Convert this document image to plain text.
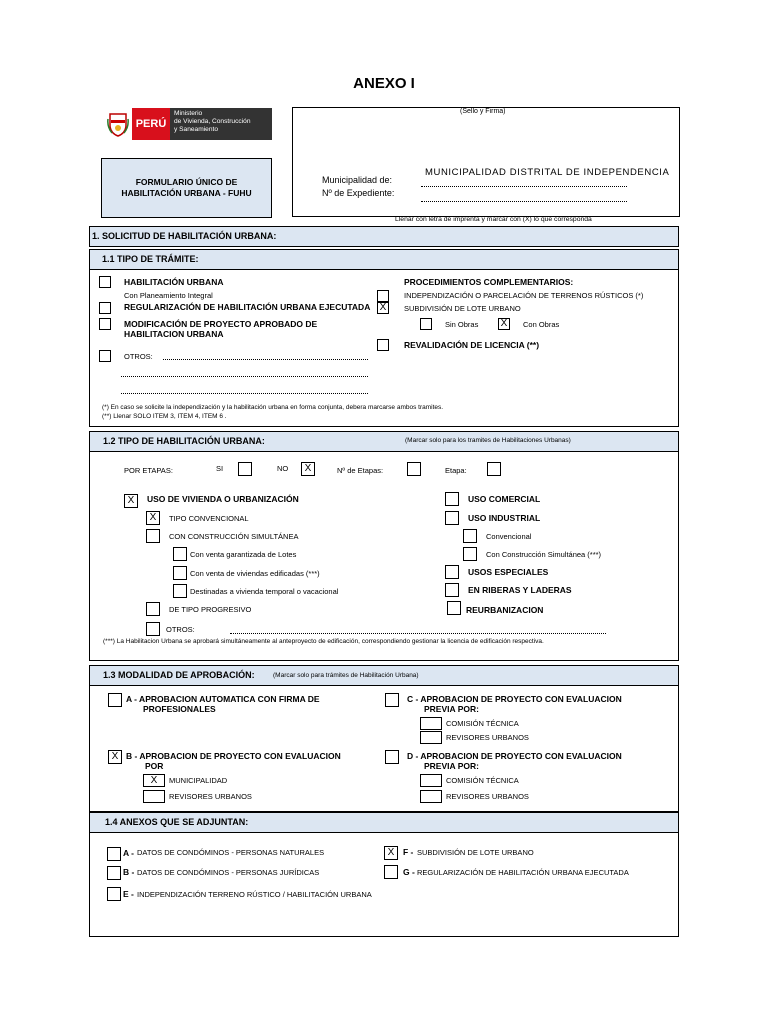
ANEXO I
PERÚ
Ministerio
de Vivienda, Construcción
y Saneamiento
FORMULARIO ÚNICO DE
HABILITACIÓN URBANA - FUHU
(Sello y Firma)
Municipalidad de:
Nº de Expediente:
MUNICIPALIDAD DISTRITAL DE INDEPENDENCIA
Llenar con letra de imprenta y marcar con (X) lo que corresponda
1. SOLICITUD DE HABILITACIÓN URBANA:
1.1 TIPO DE TRÁMITE:
HABILITACIÓN URBANA
Con Planeamiento Integral
REGULARIZACIÓN DE HABILITACIÓN URBANA EJECUTADA
MODIFICACIÓN DE PROYECTO APROBADO DE
HABILITACION URBANA
OTROS:
PROCEDIMIENTOS COMPLEMENTARIOS:
INDEPENDIZACIÓN O PARCELACIÓN DE TERRENOS RÚSTICOS (*)
X	SUBDIVISIÓN DE LOTE URBANO
Sin Obras X	Con Obras
REVALIDACIÓN DE LICENCIA (**)
(*) En caso se solicite la independización y la habilitación urbana en forma conjunta, debera marcarse ambos tramites.
(**) Llenar SOLO ITEM 3, ITEM 4, ITEM 6 .
1.2 TIPO DE HABILITACIÓN URBANA:	(Marcar solo para los tramites de Habilitaciones Urbanas)
POR ETAPAS:	SI	NO	X	Nº de Etapas:	Etapa:
X	USO DE VIVIENDA O URBANIZACIÓN
X	TIPO CONVENCIONAL
CON CONSTRUCCIÓN SIMULTÁNEA
Con venta garantizada de Lotes
Con venta de viviendas edificadas (***)
Destinadas a vivienda temporal o vacacional
DE TIPO PROGRESIVO
OTROS:
USO COMERCIAL
USO INDUSTRIAL
Convencional
Con Construcción Simultánea (***)
USOS ESPECIALES
EN RIBERAS Y LADERAS
REURBANIZACION
(***) La Habilitacion Urbana se aprobará simultáneamente al anteproyecto de edificación, correspondiendo gestionar la licencia de edificación respectiva.
1.3 MODALIDAD DE APROBACIÓN:	(Marcar solo para trámites de Habilitación Urbana)
A - APROBACION AUTOMATICA CON FIRMA DE
PROFESIONALES
X B - APROBACION DE PROYECTO CON EVALUACION
POR
X	MUNICIPALIDAD
REVISORES URBANOS
C - APROBACION DE PROYECTO CON EVALUACION
PREVIA POR:
COMISIÓN TÉCNICA
REVISORES URBANOS
D - APROBACION DE PROYECTO CON EVALUACION
PREVIA POR:
COMISIÓN TÉCNICA
REVISORES URBANOS
1.4 ANEXOS QUE SE ADJUNTAN:
A - DATOS DE CONDÓMINOS - PERSONAS NATURALES
B - DATOS DE CONDÓMINOS - PERSONAS JURÍDICAS
E - INDEPENDIZACIÓN TERRENO RÚSTICO / HABILITACIÓN URBANA
X	F - SUBDIVISIÓN DE LOTE URBANO
G - REGULARIZACIÓN DE HABILITACIÓN URBANA EJECUTADA
